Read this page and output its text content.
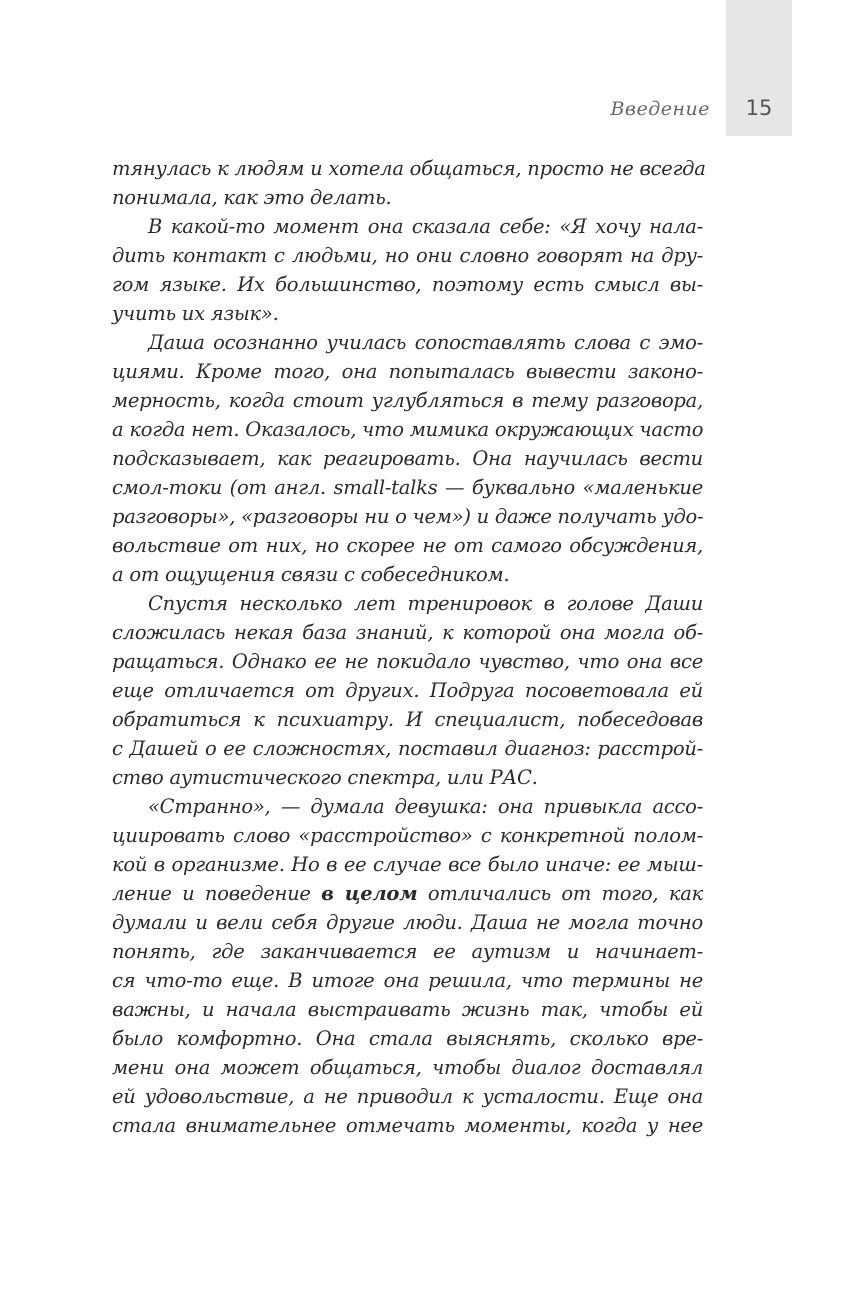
15
Введение
тянулась к людям и хотела общаться, просто не всегда
понимала, как это делать.
В какой-то момент она сказала себе: «Я хочу нала-
дить контакт с людьми, но они словно говорят на дру-
гом языке. Их большинство, поэтому есть смысл вы-
учить их язык».
Даша осознанно училась сопоставлять слова с эмо-
циями. Кроме того, она попыталась вывести законо-
мерность, когда стоит углубляться в тему разговора,
а когда нет. Оказалось, что мимика окружающих часто
подсказывает, как реагировать. Она научилась вести
смол-токи (от англ. small-talks — буквально «маленькие
разговоры», «разговоры ни о чем») и даже получать удо-
вольствие от них, но скорее не от самого обсуждения,
а от ощущения связи с собеседником.
Спустя несколько лет тренировок в голове Даши
сложилась некая база знаний, к которой она могла об-
ращаться. Однако ее не покидало чувство, что она все
еще отличается от других. Подруга посоветовала ей
обратиться к психиатру. И специалист, побеседовав
с Дашей о ее сложностях, поставил диагноз: расстрой-
ство аутистического спектра, или РАС.
«Странно», — думала девушка: она привыкла ассо-
циировать слово «расстройство» с конкретной полом-
кой в организме. Но в ее случае все было иначе: ее мыш-
ление и поведение в целом отличались от того, как
думали и вели себя другие люди. Даша не могла точно
понять, где заканчивается ее аутизм и начинает-
ся что-то еще. В итоге она решила, что термины не
важны, и начала выстраивать жизнь так, чтобы ей
было комфортно. Она стала выяснять, сколько вре-
мени она может общаться, чтобы диалог доставлял
ей удовольствие, а не приводил к усталости. Еще она
стала внимательнее отмечать моменты, когда у нее
